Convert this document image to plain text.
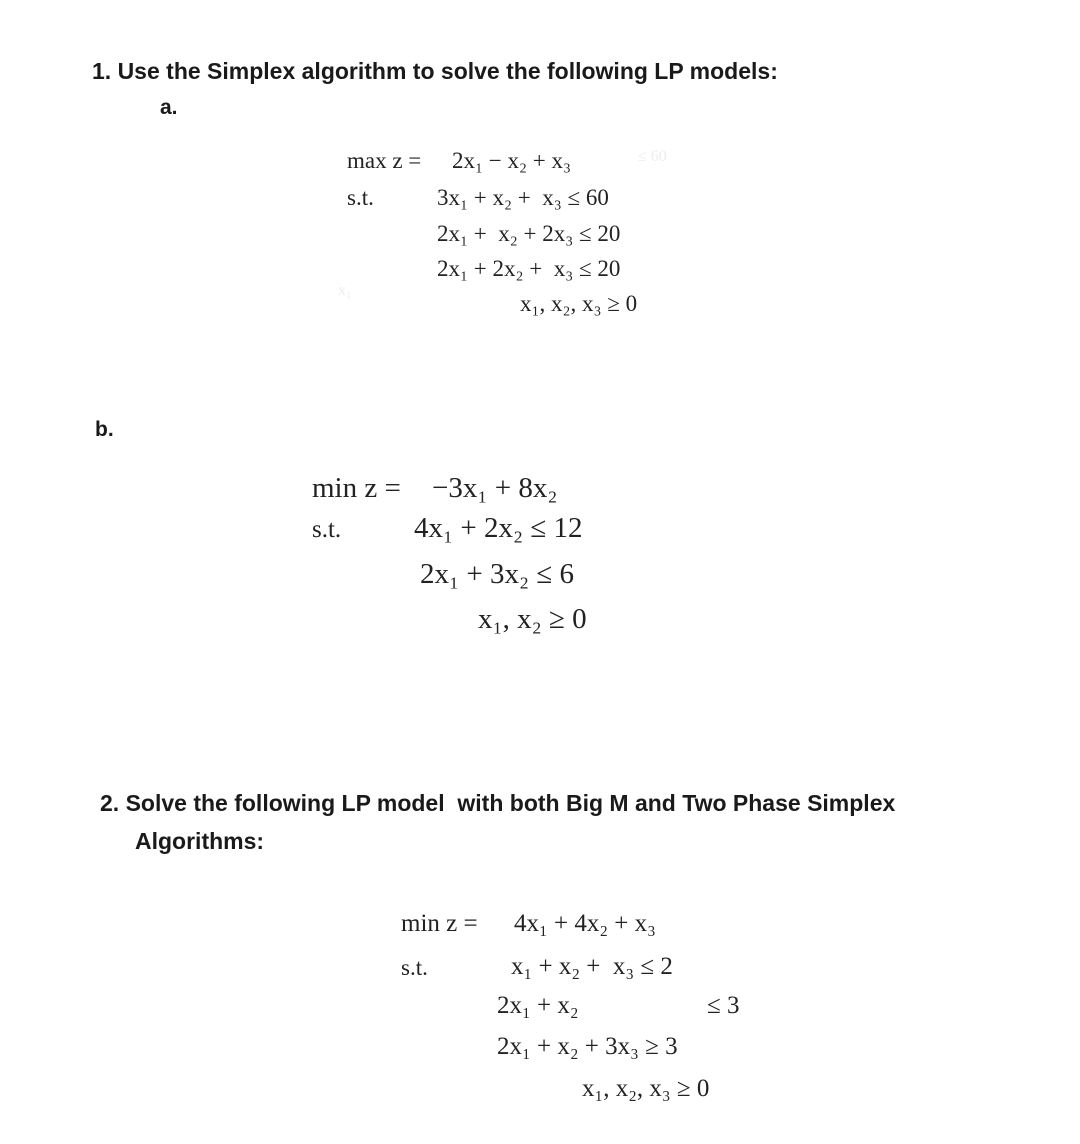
1. Use the Simplex algorithm to solve the following LP models:
a.
max z = 2x₁ − x₂ + x₃
s.t.	3x₁ + x₂ +  x₃ ≤ 60
2x₁ +  x₂ + 2x₃ ≤ 20
2x₁ + 2x₂ +  x₃ ≤ 20
x₁, x₂, x₃ ≥ 0
≤ 60
x₁
b.
min z = −3x₁ + 8x₂
s.t.	4x₁ + 2x₂ ≤ 12
2x₁ + 3x₂ ≤ 6
x₁, x₂ ≥ 0
2. Solve the following LP model  with both Big M and Two Phase Simplex
Algorithms:
min z = 4x₁ + 4x₂ + x₃
s.t.	x₁ + x₂ +  x₃ ≤ 2
2x₁ + x₂	≤ 3
2x₁ + x₂ + 3x₃ ≥ 3
x₁, x₂, x₃ ≥ 0
